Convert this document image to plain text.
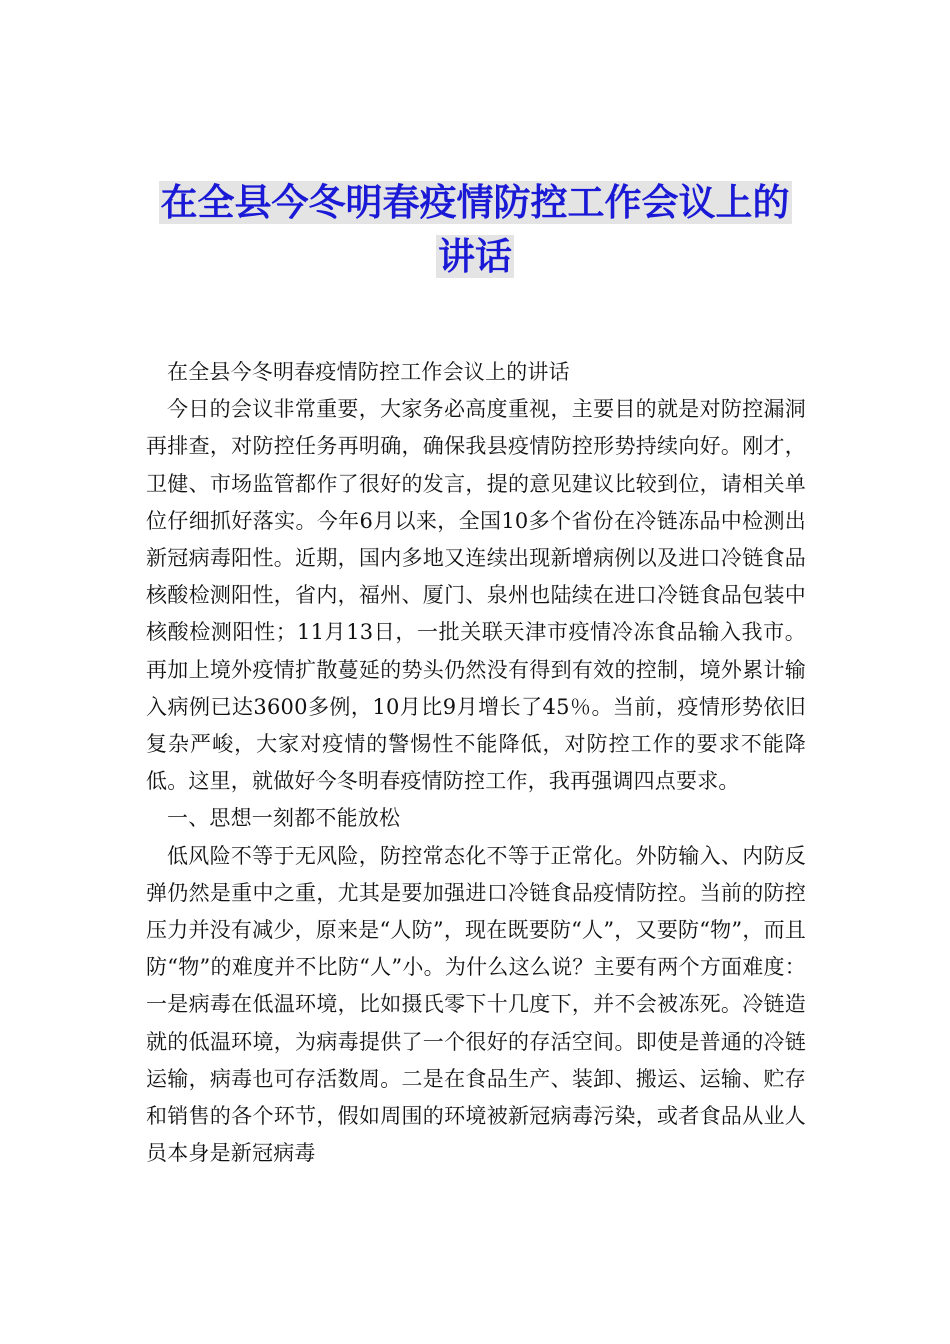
在全县今冬明春疫情防控工作会议上的
讲话

在全县今冬明春疫情防控工作会议上的讲话

今日的会议非常重要，大家务必高度重视，主要目的就是对防控漏洞再排查，对防控任务再明确，确保我县疫情防控形势持续向好。刚才，卫健、市场监管都作了很好的发言，提的意见建议比较到位，请相关单位仔细抓好落实。今年6月以来，全国10多个省份在冷链冻品中检测出新冠病毒阳性。近期，国内多地又连续出现新增病例以及进口冷链食品核酸检测阳性，省内，福州、厦门、泉州也陆续在进口冷链食品包装中核酸检测阳性；11月13日，一批关联天津市疫情冷冻食品输入我市。再加上境外疫情扩散蔓延的势头仍然没有得到有效的控制，境外累计输入病例已达3600多例，10月比9月增长了45％。当前，疫情形势依旧复杂严峻，大家对疫情的警惕性不能降低，对防控工作的要求不能降低。这里，就做好今冬明春疫情防控工作，我再强调四点要求。

一、思想一刻都不能放松

低风险不等于无风险，防控常态化不等于正常化。外防输入、内防反弹仍然是重中之重，尤其是要加强进口冷链食品疫情防控。当前的防控压力并没有减少，原来是“人防”，现在既要防“人”，又要防“物”，而且防“物”的难度并不比防“人”小。为什么这么说？主要有两个方面难度：一是病毒在低温环境，比如摄氏零下十几度下，并不会被冻死。冷链造就的低温环境，为病毒提供了一个很好的存活空间。即使是普通的冷链运输，病毒也可存活数周。二是在食品生产、装卸、搬运、运输、贮存和销售的各个环节，假如周围的环境被新冠病毒污染，或者食品从业人员本身是新冠病毒
